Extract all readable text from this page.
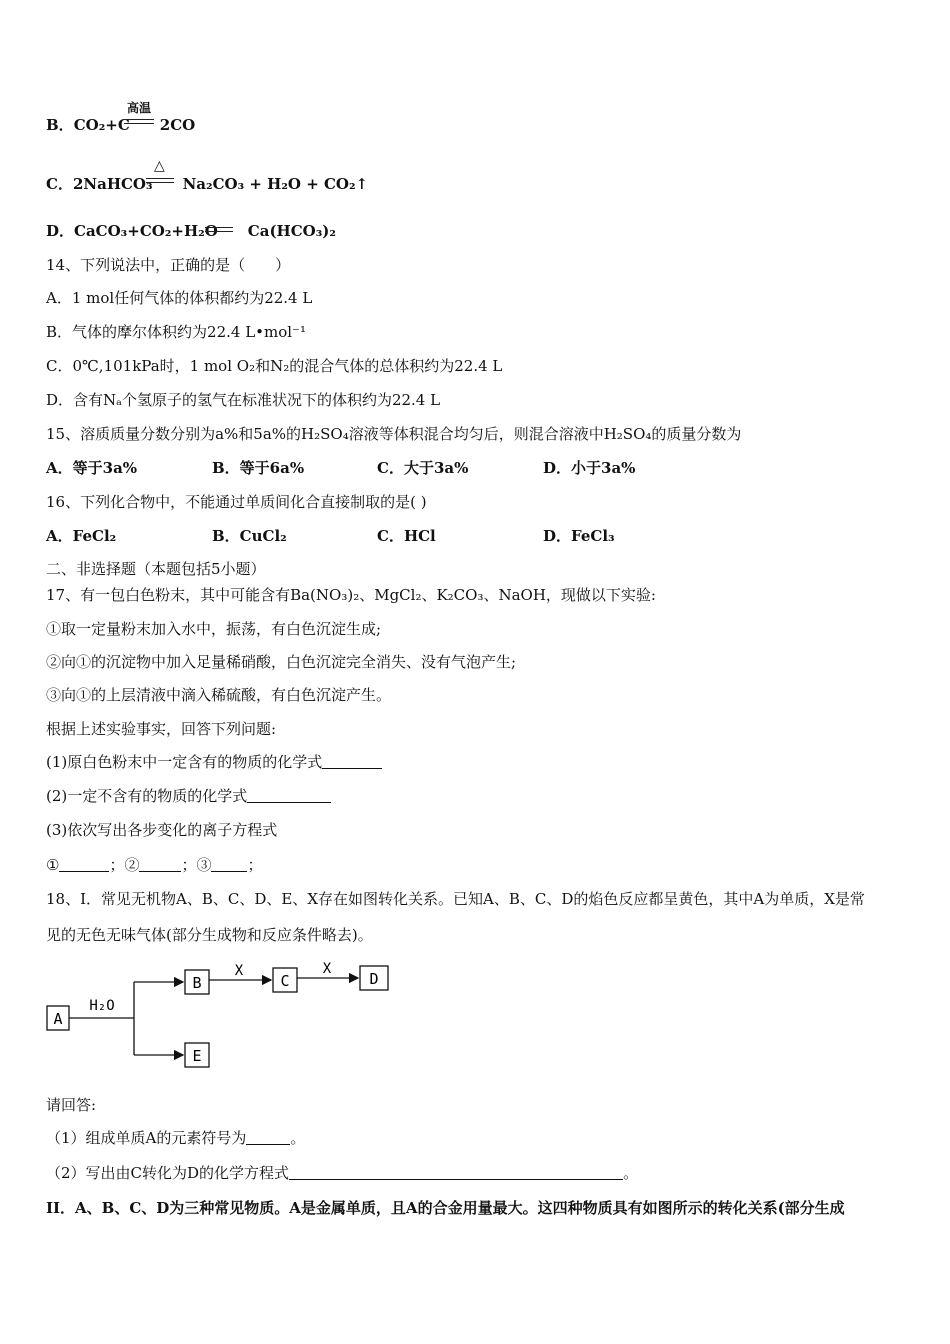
B．CO₂+C 2CO
高温
C．2NaHCO₃ Na₂CO₃ + H₂O + CO₂↑
△
D．CaCO₃+CO₂+H₂O Ca(HCO₃)₂
14、下列说法中，正确的是（　　）
A．1 mol任何气体的体积都约为22.4 L
B．气体的摩尔体积约为22.4 L•mol⁻¹
C．0℃,101kPa时，1 mol O₂和N₂的混合气体的总体积约为22.4 L
D．含有Nₐ个氢原子的氢气在标准状况下的体积约为22.4 L
15、溶质质量分数分别为a%和5a%的H₂SO₄溶液等体积混合均匀后，则混合溶液中H₂SO₄的质量分数为
A．等于3a%	B．等于6a%	C．大于3a%	D．小于3a%
16、下列化合物中，不能通过单质间化合直接制取的是( )
A．FeCl₂	B．CuCl₂	C．HCl	D．FeCl₃
二、非选择题（本题包括5小题）
17、有一包白色粉末，其中可能含有Ba(NO₃)₂、MgCl₂、K₂CO₃、NaOH，现做以下实验:
①取一定量粉末加入水中，振荡，有白色沉淀生成;
②向①的沉淀物中加入足量稀硝酸，白色沉淀完全消失、没有气泡产生;
③向①的上层清液中滴入稀硫酸，有白色沉淀产生。
根据上述实验事实，回答下列问题:
(1)原白色粉末中一定含有的物质的化学式
(2)一定不含有的物质的化学式
(3)依次写出各步变化的离子方程式
①	；②	；③ ；
18、I．常见无机物A、B、C、D、E、X存在如图转化关系。已知A、B、C、D的焰色反应都呈黄色，其中A为单质，X是常
见的无色无味气体(部分生成物和反应条件略去)。
A
H₂O
B
X
C
X
D
E
请回答:
（1）组成单质A的元素符号为	。
（2）写出由C转化为D的化学方程式	。
II．A、B、C、D为三种常见物质。A是金属单质，且A的合金用量最大。这四种物质具有如图所示的转化关系(部分生成
